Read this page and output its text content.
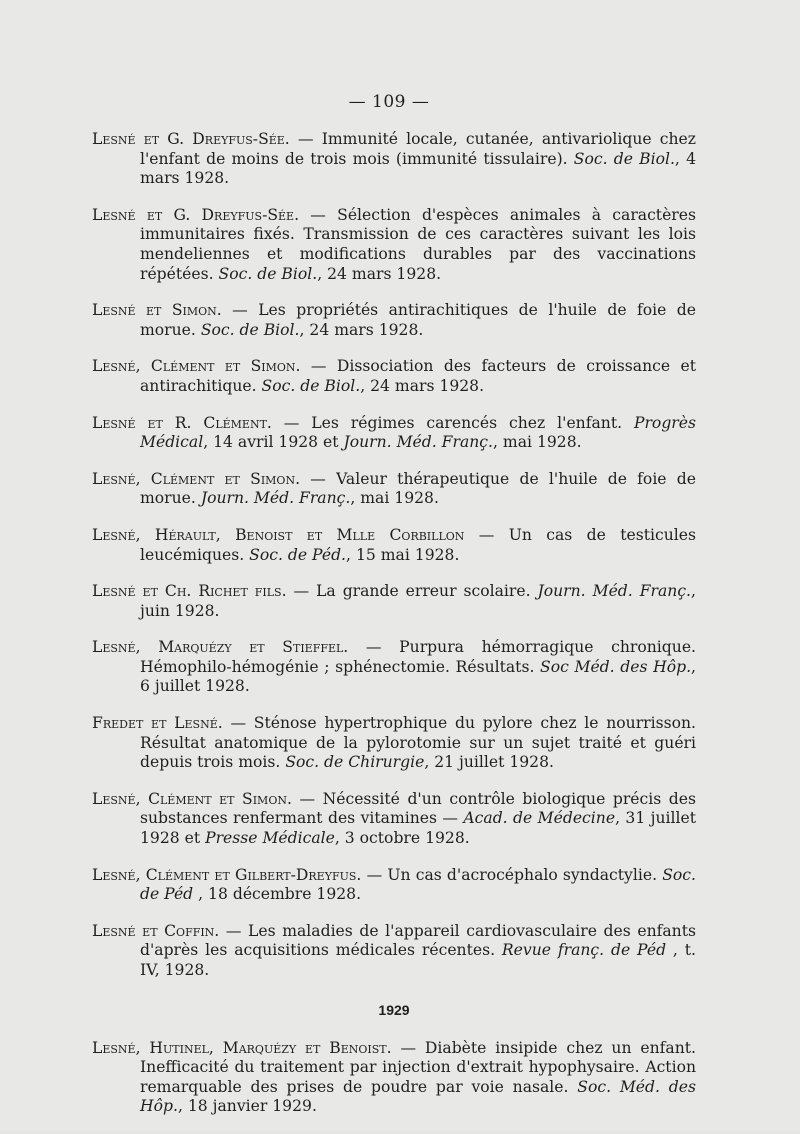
— 109 —

Lesné et G. Dreyfus-Sée. — Immunité locale, cutanée, antivariolique chez l'enfant de moins de trois mois (immunité tissulaire). Soc. de Biol., 4 mars 1928.

Lesné et G. Dreyfus-Sée. — Sélection d'espèces animales à caractères immunitaires fixés. Transmission de ces caractères suivant les lois mendeliennes et modifications durables par des vaccinations répétées. Soc. de Biol., 24 mars 1928.

Lesné et Simon. — Les propriétés antirachitiques de l'huile de foie de morue. Soc. de Biol., 24 mars 1928.

Lesné, Clément et Simon. — Dissociation des facteurs de croissance et antirachitique. Soc. de Biol., 24 mars 1928.

Lesné et R. Clément. — Les régimes carencés chez l'enfant. Progrès Médical, 14 avril 1928 et Journ. Méd. Franç., mai 1928.

Lesné, Clément et Simon. — Valeur thérapeutique de l'huile de foie de morue. Journ. Méd. Franç., mai 1928.

Lesné, Hérault, Benoist et Mlle Corbillon — Un cas de testicules leucémiques. Soc. de Péd., 15 mai 1928.

Lesné et Ch. Richet fils. — La grande erreur scolaire. Journ. Méd. Franç., juin 1928.

Lesné, Marquézy et Stieffel. — Purpura hémorragique chronique. Hémophilo-hémogénie ; sphénectomie. Résultats. Soc Méd. des Hôp., 6 juillet 1928.

Fredet et Lesné. — Sténose hypertrophique du pylore chez le nourrisson. Résultat anatomique de la pylorotomie sur un sujet traité et guéri depuis trois mois. Soc. de Chirurgie, 21 juillet 1928.

Lesné, Clément et Simon. — Nécessité d'un contrôle biologique précis des substances renfermant des vitamines — Acad. de Médecine, 31 juillet 1928 et Presse Médicale, 3 octobre 1928.

Lesné, Clément et Gilbert-Dreyfus. — Un cas d'acrocéphalo syndactylie. Soc. de Péd , 18 décembre 1928.

Lesné et Coffin. — Les maladies de l'appareil cardiovasculaire des enfants d'après les acquisitions médicales récentes. Revue franç. de Péd , t. IV, 1928.

1929

Lesné, Hutinel, Marquézy et Benoist. — Diabète insipide chez un enfant. Inefficacité du traitement par injection d'extrait hypophysaire. Action remarquable des prises de poudre par voie nasale. Soc. Méd. des Hôp., 18 janvier 1929.
